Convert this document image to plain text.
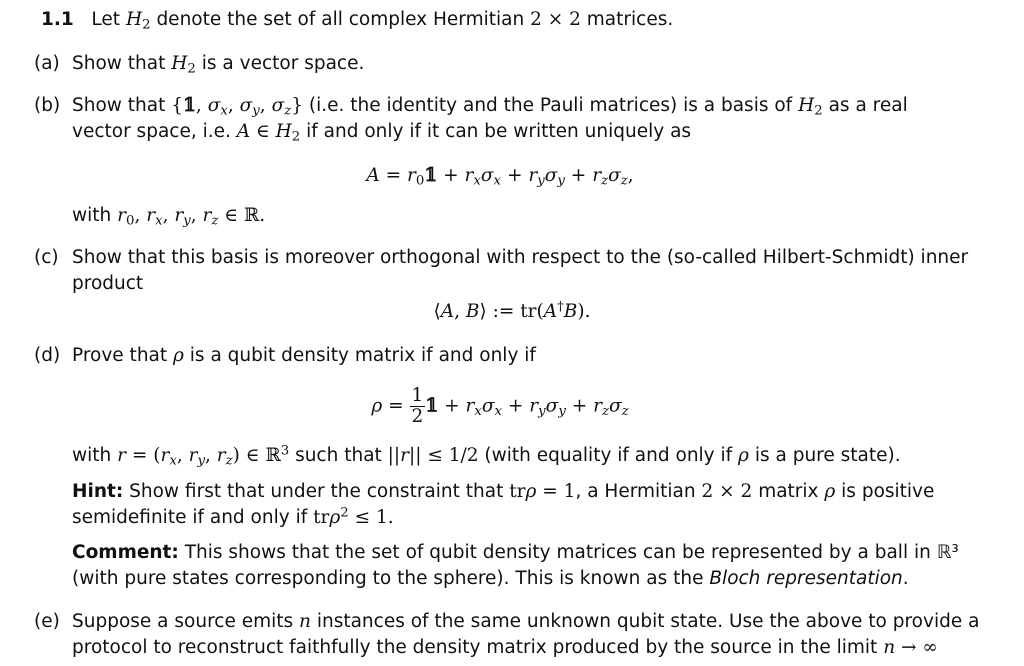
1.1   Let $H_2$ denote the set of all complex Hermitian 2 × 2 matrices.
(a) Show that $H_2$ is a vector space.
(b) Show that {𝟙, $\sigma_x$, $\sigma_y$, $\sigma_z$} (i.e. the identity and the Pauli matrices) is a basis of $H_2$ as a real
vector space, i.e. A ∈ $H_2$ if and only if it can be written uniquely as
$A = r_0𝟙 + r_x\sigma_x + r_y\sigma_y + r_z\sigma_z$,
with $r_0$, $r_x$, $r_y$, $r_z$ ∈ ℝ.
(c) Show that this basis is moreover orthogonal with respect to the (so-called Hilbert-Schmidt) inner
product
⟨A, B⟩ := tr(A†B).
(d) Prove that ρ is a qubit density matrix if and only if
$\rho = \frac{1}{2}$ 𝟙 + $r_x\sigma_x + r_y\sigma_y + r_z\sigma_z$
with $r = (r_x$, $r_y$, $r_z$) ∈ ℝ$^3$ such that ||r|| ≤ 1/2 (with equality if and only if ρ is a pure state).
Hint: Show first that under the constraint that trρ = 1, a Hermitian 2 × 2 matrix ρ is positive
semidefinite if and only if trρ$^2$ ≤ 1.
Comment: This shows that the set of qubit density matrices can be represented by a ball in ℝ³
(with pure states corresponding to the sphere). This is known as the Bloch representation.
(e) Suppose a source emits n instances of the same unknown qubit state. Use the above to provide a
protocol to reconstruct faithfully the density matrix produced by the source in the limit n → ∞
